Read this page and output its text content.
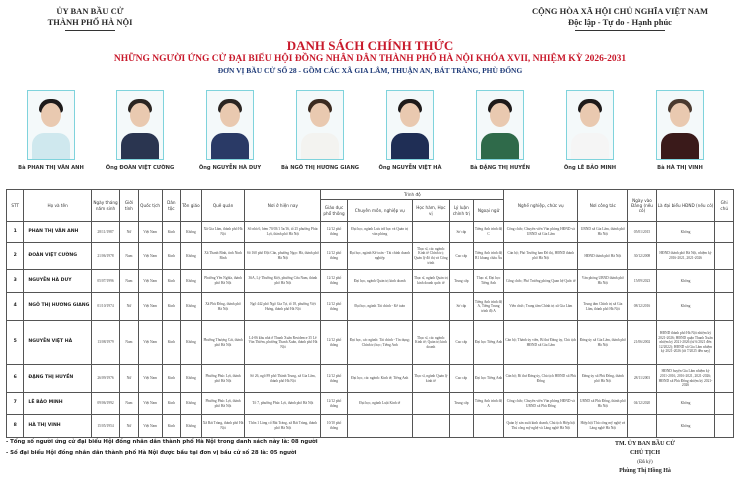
ỦY BAN BẦU CỬ
THÀNH PHỐ HÀ NỘI
CỘNG HÒA XÃ HỘI CHỦ NGHĨA VIỆT NAM
Độc lập - Tự do - Hạnh phúc
DANH SÁCH CHÍNH THỨC
NHỮNG NGƯỜI ỨNG CỬ ĐẠI BIỂU HỘI ĐỒNG NHÂN DÂN THÀNH PHỐ HÀ NỘI KHÓA XVII, NHIỆM KỲ 2026-2031
ĐƠN VỊ BẦU CỬ SỐ 28 - GỒM CÁC XÃ GIA LÂM, THUẬN AN, BÁT TRÀNG, PHÙ ĐỔNG
Bà PHAN THỊ VÂN ANH	Ông ĐOÀN VIỆT CƯỜNG	Ông NGUYỄN HÀ DUY	Bà NGÔ THỊ HƯƠNG GIANG	Ông NGUYỄN VIỆT HÀ	Bà ĐẶNG THỊ HUYỀN	Ông LÊ BẢO MINH	Bà HÀ THỊ VINH
STT	Họ và tên	Ngày tháng năm sinh	Giới tính	Quốc tịch	Dân tộc	Tôn giáo	Quê quán	Nơi ở hiện nay	Trình độ					Nghề nghiệp, chức vụ	Nơi công tác	Ngày vào Đảng (nếu có)	Là đại biểu HĐND (nếu có)	Ghi chú
									Giáo dục phổ thông	Chuyên môn, nghiệp vụ	Học hàm, Học vị	Lý luận chính trị	Ngoại ngữ					
1	PHAN THỊ VÂN ANH	28/11/1987	Nữ	Việt Nam	Kinh	Không	Xã Gia Lâm, thành phố Hà Nội	Số nhà 6, hẻm 70/03/1 5a/16, tổ 25 phường Phúc Lợi, thành phố Hà Nội	12/12 phổ thông	Đại học, ngành Lưu trữ học và Quản trị văn phòng		Sơ cấp	Tiếng Anh trình độ C	Công chức; Chuyên viên Văn phòng HĐND và UBND xã Gia Lâm	UBND xã Gia Lâm, thành phố Hà Nội	05/01/2015	Không	
2	ĐOÀN VIỆT CƯỜNG	21/06/1978	Nam	Việt Nam	Kinh	Không	Xã Thanh Bình, tỉnh Ninh Bình	Số 160 phố Đội Cấn, phường Ngọc Hà, thành phố Hà Nội	12/12 phổ thông	Đại học, ngành Kế toán - Tài chính doanh nghiệp	Thạc sĩ, các ngành: Kinh tế Chính trị; Quản lý đô thị và Công trình	Cao cấp	Tiếng Anh trình độ B1 khung châu Âu	Cán bộ; Phó Trưởng ban Đô thị, HĐND thành phố Hà Nội	HĐND thành phố Hà Nội	30/12/2008	HĐND thành phố Hà Nội, nhiệm kỳ 2016-2021, 2021-2026	
3	NGUYỄN HÀ DUY	05/07/1996	Nam	Việt Nam	Kinh	Không	Phường Yên Nghĩa, thành phố Hà Nội	36A, Lý Thường Kiệt, phường Cửa Nam, thành phố Hà Nội	12/12 phổ thông	Đại học, ngành Quản trị kinh doanh	Thạc sĩ, ngành Quản trị kinh doanh quốc tế	Trung cấp	Thạc sĩ, Đại học Tiếng Anh	Công chức; Phó Trưởng phòng Quan hệ Quốc tế	Văn phòng UBND thành phố Hà Nội	15/09/2023	Không	
4	NGÔ THỊ HƯƠNG GIANG	01/10/1974	Nữ	Việt Nam	Kinh	Không	Xã Phù Đổng, thành phố Hà Nội	Ngõ 442 phố Ngô Gia Tự, tổ 18, phường Việt Hưng, thành phố Hà Nội	12/12 phổ thông	Đại học, ngành Tài chính - Kế toán		Sơ cấp	Tiếng Anh trình độ A, Tiếng Trung trình độ A	Viên chức; Trung tâm Chính trị xã Gia Lâm	Trung tâm Chính trị xã Gia Lâm, thành phố Hà Nội	08/12/2016	Không	
5	NGUYỄN VIỆT HÀ	13/08/1979	Nam	Việt Nam	Kinh	Không	Phường Thượng Cát, thành phố Hà Nội	L4-06 khu nhà ở Thanh Xuân Residence 35 Lê Văn Thiêm, phường Thanh Xuân, thành phố Hà Nội	12/12 phổ thông	Đại học, các ngành: Tài chính - Tín dụng; Chính trị học; Tiếng Anh	Thạc sĩ, các ngành: Kinh tế; Quản trị kinh doanh	Cao cấp	Đại học Tiếng Anh	Cán bộ; Thành ủy viên, Bí thư Đảng ủy, Chủ tịch HĐND xã Gia Lâm	Đảng ủy xã Gia Lâm, thành phố Hà Nội	21/06/2002	HĐND thành phố Hà Nội nhiệm kỳ 2021-2026; HĐND quận Thanh Xuân nhiệm kỳ 2021-2026 (từ 6/2021 đến 12/2022); HĐND xã Gia Lâm nhiệm kỳ 2021-2026 (từ 7/2025 đến nay)	
6	ĐẶNG THỊ HUYỀN	26/09/1976	Nữ	Việt Nam	Kinh	Không	Phường Phúc Lợi, thành phố Hà Nội	Số 26, ngõ 89 phố Thành Trung, xã Gia Lâm, thành phố Hà Nội	12/12 phổ thông	Đại học, các ngành: Kinh tế; Tiếng Anh	Thạc sĩ, ngành Quản lý kinh tế	Cao cấp	Đại học Tiếng Anh	Cán bộ; Bí thư Đảng ủy, Chủ tịch HĐND xã Phù Đổng	Đảng ủy xã Phù Đổng, thành phố Hà Nội	28/11/2003	HĐND huyện Gia Lâm nhiệm kỳ 2011-2016, 2016-2021, 2021-2026; HĐND xã Phù Đổng nhiệm kỳ 2021-2026	
7	LÊ BẢO MINH	09/06/1992	Nam	Việt Nam	Kinh	Không	Phường Phúc Lợi, thành phố Hà Nội	Tổ 7, phường Phúc Lợi, thành phố Hà Nội	12/12 phổ thông	Đại học, ngành Luật Kinh tế		Trung cấp	Tiếng Anh trình độ A	Công chức; Chuyên viên Văn phòng HĐND và UBND xã Phù Đổng	UBND xã Phù Đổng, thành phố Hà Nội	04/12/2020	Không	
8	HÀ THỊ VINH	15/05/1954	Nữ	Việt Nam	Kinh	Không	Xã Bát Tràng, thành phố Hà Nội	Thôn 1 Làng cổ Bát Tràng, xã Bát Tràng, thành phố Hà Nội	10/10 phổ thông					Quản lý sản xuất kinh doanh, Chủ tịch Hiệp hội Thủ công mỹ nghệ và Làng nghề Hà Nội	Hiệp hội Thủ công mỹ nghệ và Làng nghề Hà Nội		Không	
- Tổng số người ứng cử đại biểu Hội đồng nhân dân thành phố Hà Nội trong danh sách này là: 08 người
- Số đại biểu Hội đồng nhân dân thành phố Hà Nội được bầu tại đơn vị bầu cử số 28 là: 05 người
TM. ỦY BAN BẦU CỬ
CHỦ TỊCH
(Đã ký)
Phùng Thị Hồng Hà
